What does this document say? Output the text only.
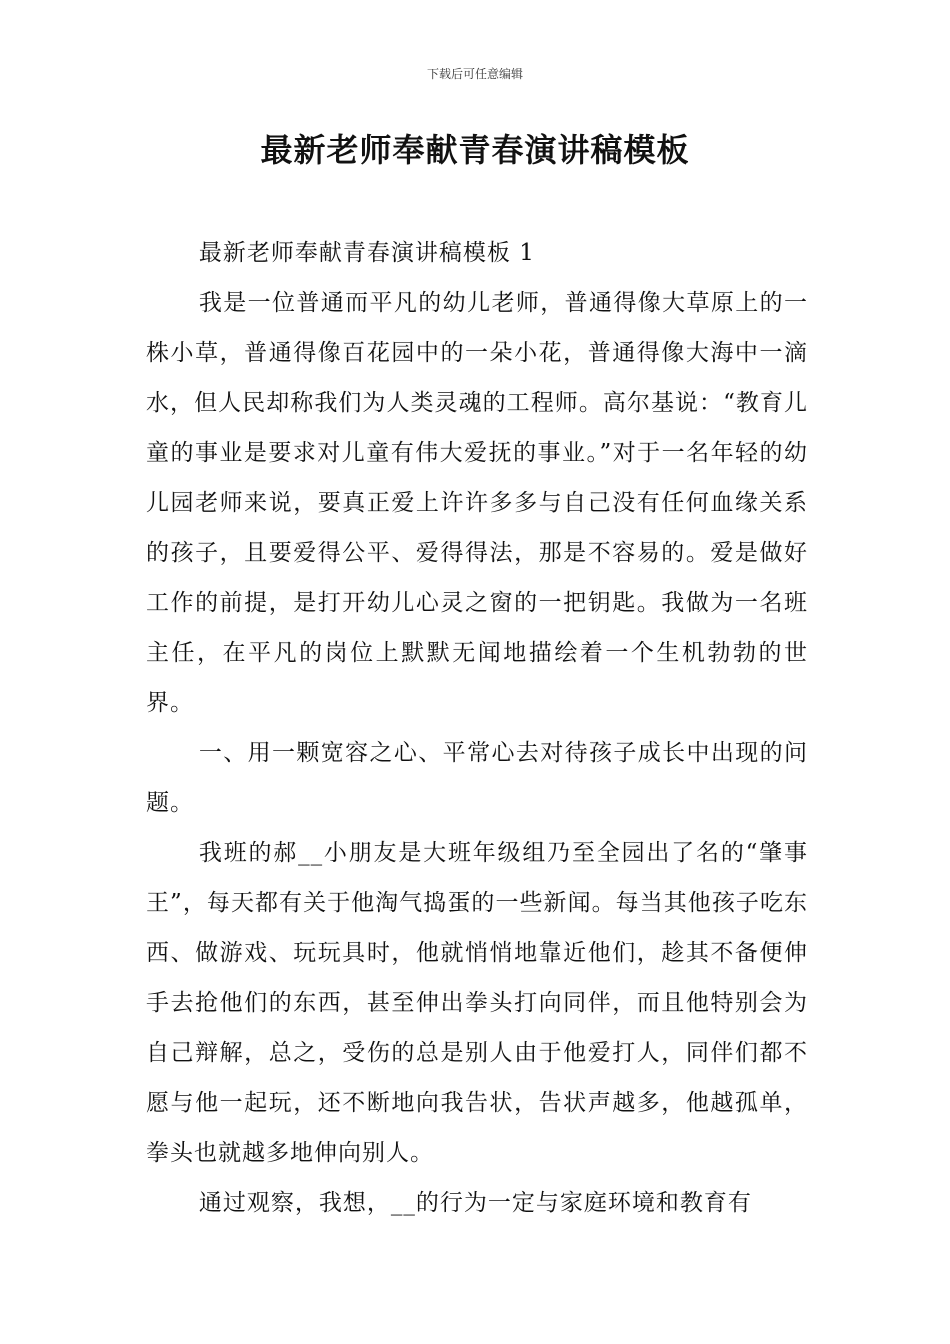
下载后可任意编辑
最新老师奉献青春演讲稿模板

最新老师奉献青春演讲稿模板 1

我是一位普通而平凡的幼儿老师，普通得像大草原上的一株小草，普通得像百花园中的一朵小花，普通得像大海中一滴水，但人民却称我们为人类灵魂的工程师。高尔基说：“教育儿童的事业是要求对儿童有伟大爱抚的事业。”对于一名年轻的幼儿园老师来说，要真正爱上许许多多与自己没有任何血缘关系的孩子，且要爱得公平、爱得得法，那是不容易的。爱是做好工作的前提，是打开幼儿心灵之窗的一把钥匙。我做为一名班主任，在平凡的岗位上默默无闻地描绘着一个生机勃勃的世界。

一、用一颗宽容之心、平常心去对待孩子成长中出现的问题。

我班的郝__小朋友是大班年级组乃至全园出了名的“肇事王”，每天都有关于他淘气捣蛋的一些新闻。每当其他孩子吃东西、做游戏、玩玩具时，他就悄悄地靠近他们，趁其不备便伸手去抢他们的东西，甚至伸出拳头打向同伴，而且他特别会为自己辩解，总之，受伤的总是别人由于他爱打人，同伴们都不愿与他一起玩，还不断地向我告状，告状声越多，他越孤单，拳头也就越多地伸向别人。

通过观察，我想，__的行为一定与家庭环境和教育有
